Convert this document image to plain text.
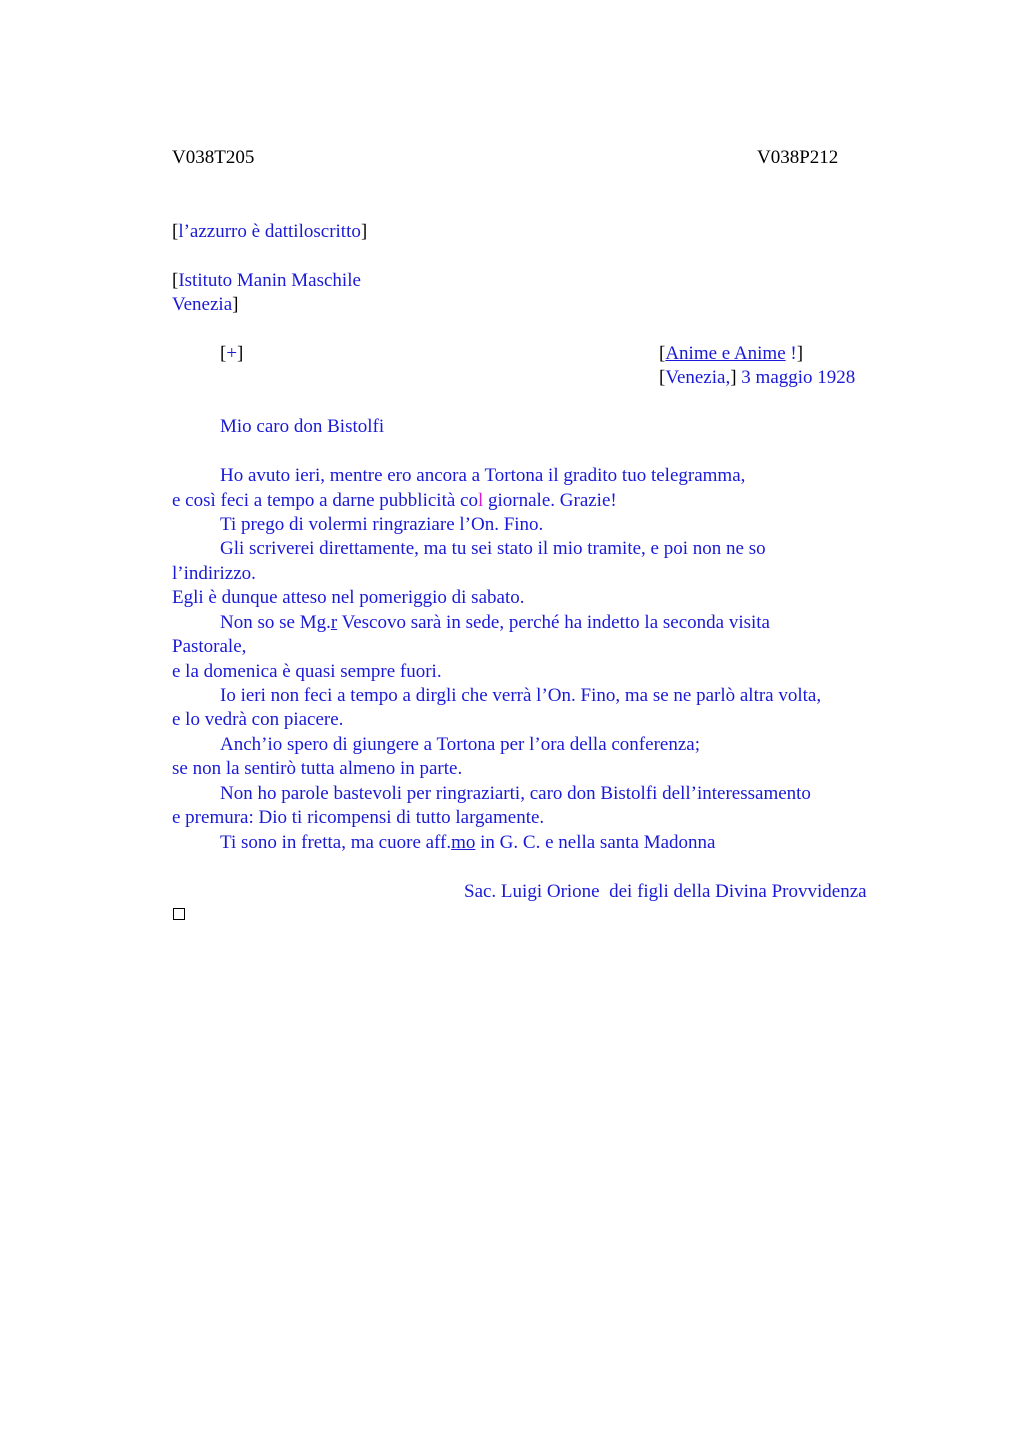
V038T205	V038P212
[l’azzurro è dattiloscritto]
[Istituto Manin Maschile
Venezia]
[+]	[Anime e Anime !]
[Venezia,] 3 maggio 1928
Mio caro don Bistolfi
Ho avuto ieri, mentre ero ancora a Tortona il gradito tuo telegramma,
e così feci a tempo a darne pubblicità col giornale. Grazie!
Ti prego di volermi ringraziare l’On. Fino.
Gli scriverei direttamente, ma tu sei stato il mio tramite, e poi non ne so
l’indirizzo.
Egli è dunque atteso nel pomeriggio di sabato.
Non so se Mg.r Vescovo sarà in sede, perché ha indetto la seconda visita
Pastorale,
e la domenica è quasi sempre fuori.
Io ieri non feci a tempo a dirgli che verrà l’On. Fino, ma se ne parlò altra volta,
e lo vedrà con piacere.
Anch’io spero di giungere a Tortona per l’ora della conferenza;
se non la sentirò tutta almeno in parte.
Non ho parole bastevoli per ringraziarti, caro don Bistolfi dell’interessamento
e premura: Dio ti ricompensi di tutto largamente.
Ti sono in fretta, ma cuore aff.mo in G. C. e nella santa Madonna
Sac. Luigi Orione  dei figli della Divina Provvidenza
